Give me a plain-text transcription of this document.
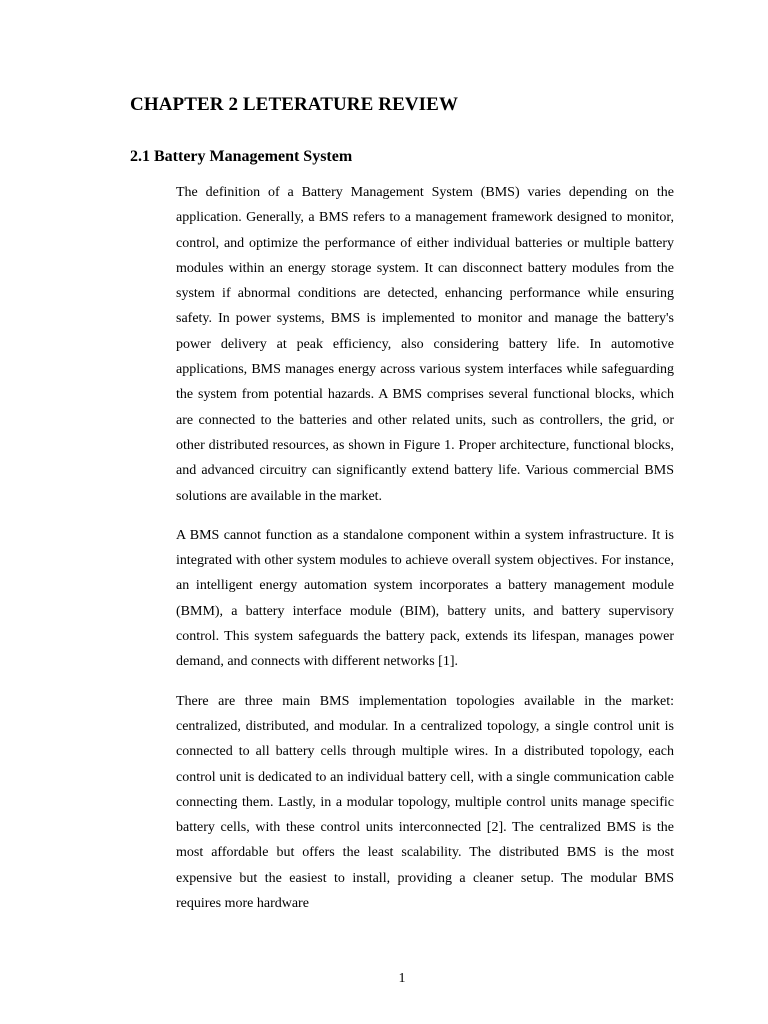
CHAPTER 2 LETERATURE REVIEW
2.1 Battery Management System

The definition of a Battery Management System (BMS) varies depending on the application. Generally, a BMS refers to a management framework designed to monitor, control, and optimize the performance of either individual batteries or multiple battery modules within an energy storage system. It can disconnect battery modules from the system if abnormal conditions are detected, enhancing performance while ensuring safety. In power systems, BMS is implemented to monitor and manage the battery's power delivery at peak efficiency, also considering battery life. In automotive applications, BMS manages energy across various system interfaces while safeguarding the system from potential hazards. A BMS comprises several functional blocks, which are connected to the batteries and other related units, such as controllers, the grid, or other distributed resources, as shown in Figure 1. Proper architecture, functional blocks, and advanced circuitry can significantly extend battery life. Various commercial BMS solutions are available in the market.

A BMS cannot function as a standalone component within a system infrastructure. It is integrated with other system modules to achieve overall system objectives. For instance, an intelligent energy automation system incorporates a battery management module (BMM), a battery interface module (BIM), battery units, and battery supervisory control. This system safeguards the battery pack, extends its lifespan, manages power demand, and connects with different networks [1].

There are three main BMS implementation topologies available in the market: centralized, distributed, and modular. In a centralized topology, a single control unit is connected to all battery cells through multiple wires. In a distributed topology, each control unit is dedicated to an individual battery cell, with a single communication cable connecting them. Lastly, in a modular topology, multiple control units manage specific battery cells, with these control units interconnected [2]. The centralized BMS is the most affordable but offers the least scalability. The distributed BMS is the most expensive but the easiest to install, providing a cleaner setup. The modular BMS requires more hardware

1
